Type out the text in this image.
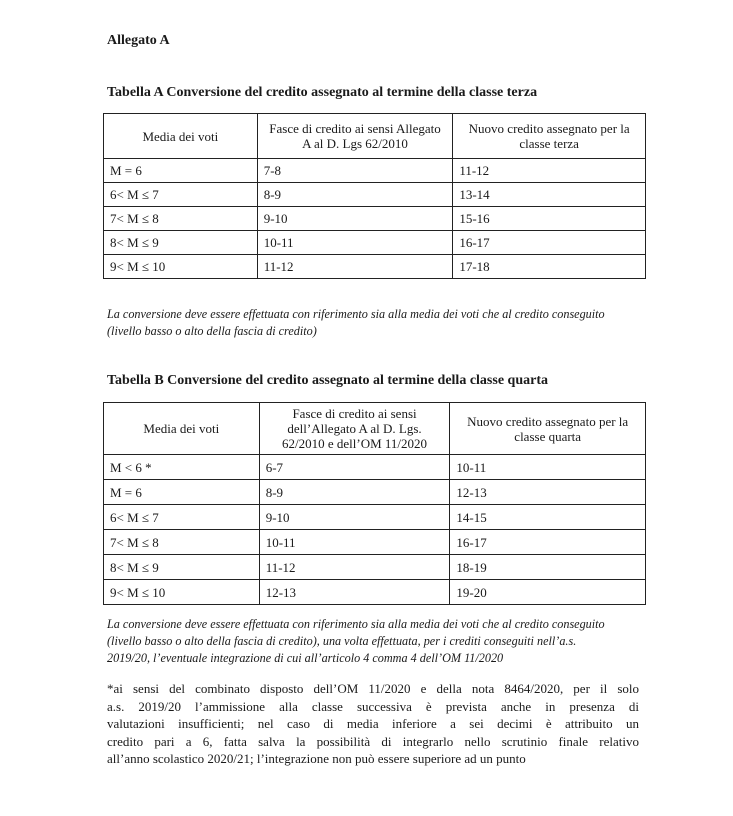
Allegato A
Tabella A Conversione del credito assegnato al termine della classe terza
Media dei voti	Fasce di credito ai sensi Allegato A al D. Lgs 62/2010	Nuovo credito assegnato per la classe terza
M = 6	7-8	11-12
6< M ≤ 7	8-9	13-14
7< M ≤ 8	9-10	15-16
8< M ≤ 9	10-11	16-17
9< M ≤ 10	11-12	17-18
La conversione deve essere effettuata con riferimento sia alla media dei voti che al credito conseguito
(livello basso o alto della fascia di credito)
Tabella B Conversione del credito assegnato al termine della classe quarta
Media dei voti	Fasce di credito ai sensi dell’Allegato A al D. Lgs. 62/2010 e dell’OM 11/2020	Nuovo credito assegnato per la classe quarta
M < 6 *	6-7	10-11
M = 6	8-9	12-13
6< M ≤ 7	9-10	14-15
7< M ≤ 8	10-11	16-17
8< M ≤ 9	11-12	18-19
9< M ≤ 10	12-13	19-20
La conversione deve essere effettuata con riferimento sia alla media dei voti che al credito conseguito
(livello basso o alto della fascia di credito), una volta effettuata, per i crediti conseguiti nell’a.s.
2019/20, l’eventuale integrazione di cui all’articolo 4 comma 4 dell’OM 11/2020
*ai sensi del combinato disposto dell’OM 11/2020 e della nota 8464/2020, per il solo
a.s. 2019/20 l’ammissione alla classe successiva è prevista anche in presenza di
valutazioni insufficienti; nel caso di media inferiore a sei decimi è attribuito un
credito pari a 6, fatta salva la possibilità di integrarlo nello scrutinio finale relativo
all’anno scolastico 2020/21; l’integrazione non può essere superiore ad un punto
